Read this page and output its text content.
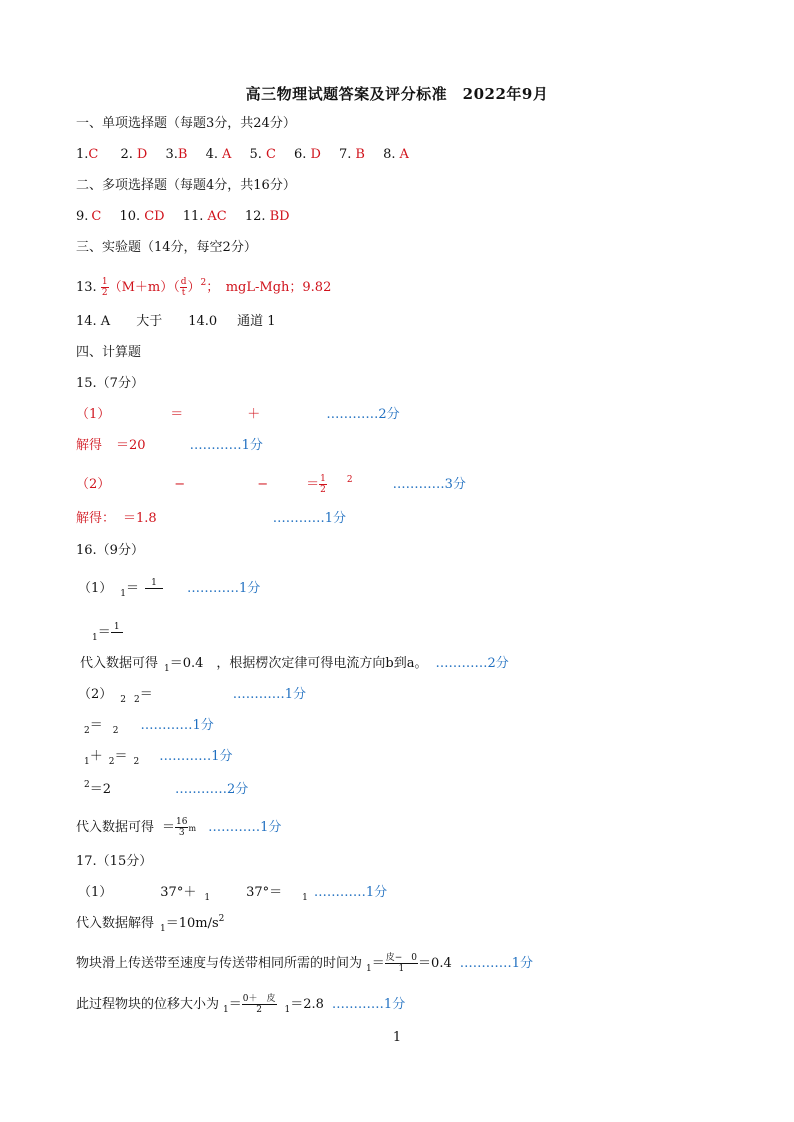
高三物理试题答案及评分标准　2022年9月
一、单项选择题（每题3分，共24分）
1.C 2. D 3.B 4. A 5. C 6. D 7. B 8. A
二、多项选择题（每题4分，共16分）
9. C 10. CD 11. AC 12. BD
三、实验题（14分，每空2分）
13. $\frac{1}{2} (M+m)( \frac{d}{t} )^2$；　mgL-Mgh；9.82
14. A 大于 14.0 通道 1
四、计算题
15.（7分）
（1）	＝	＋	…………2分
解得 ＝20	…………1分
（2）	−	−	＝ $\frac{1}{2} ^2$	…………3分
解得： ＝1.8	…………1分
16.（9分）
（1） $_1$＝	1
	…………1分
$_1$＝ 1

代入数据可得 $_1$＝0.4　，根据楞次定律可得电流方向b到a。 …………2分
（2） $_2$ $_2$＝	…………1分
$_2$＝ $_2$ …………1分
$_1$＋ $_2$＝ $_2$ …………1分
$^2$＝2	…………2分
代入数据可得 ＝ $\frac{16}{3}$ m …………1分
17.（15分）
（1）	37°＋ $_1$	37°＝ $_1$ …………1分
代入数据解得 $_1=10m/s^2$
物块滑上传送带至速度与传送带相同所需的时间为 $_1= \frac{\text{皮−　0}}{1} =0.4$ …………1分
此过程物块的位移大小为 $_1= \frac{\text{0＋　皮}}{2} _1=2.8$ …………1分
1
